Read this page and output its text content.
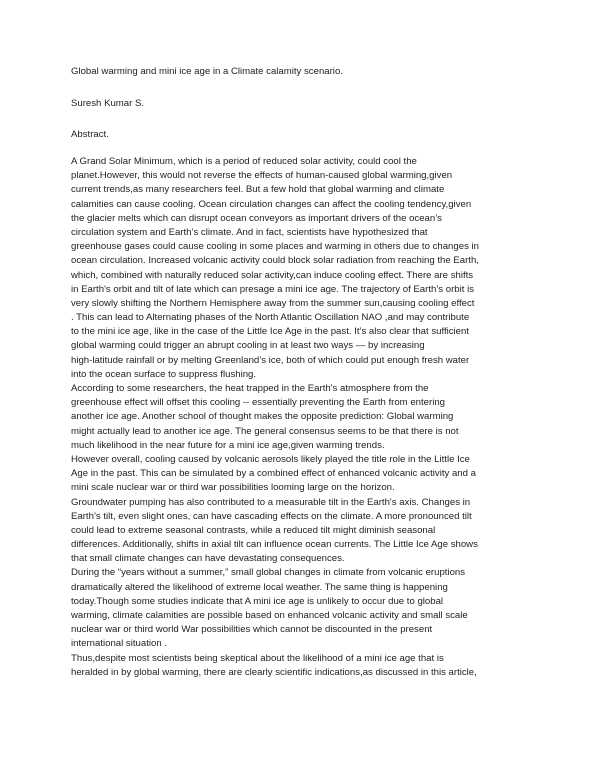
Global warming and mini ice age in a Climate calamity scenario.
Suresh Kumar S.
Abstract.
A Grand Solar Minimum, which is a period of reduced solar activity, could cool the
planet.However, this would not reverse the effects of human-caused global warming,given
current trends,as many researchers feel. But a few hold that global warming and climate
calamities can cause cooling. Ocean circulation changes can affect the cooling tendency,given
the glacier melts which can disrupt ocean conveyors as important drivers of the ocean’s
circulation system and Earth’s climate. And in fact, scientists have hypothesized that
greenhouse gases could cause cooling in some places and warming in others due to changes in
ocean circulation. Increased volcanic activity could block solar radiation from reaching the Earth,
which, combined with naturally reduced solar activity,can induce cooling effect. There are shifts
in Earth's orbit and tilt of late which can presage a mini ice age. The trajectory of Earth’s orbit is
very slowly shifting the Northern Hemisphere away from the summer sun,causing cooling effect
. This can lead to Alternating phases of the North Atlantic Oscillation NAO ,and may contribute
to the mini ice age, like in the case of the Little Ice Age in the past. It’s also clear that sufficient
global warming could trigger an abrupt cooling in at least two ways — by increasing
high-latitude rainfall or by melting Greenland’s ice, both of which could put enough fresh water
into the ocean surface to suppress flushing.
According to some researchers, the heat trapped in the Earth's atmosphere from the
greenhouse effect will offset this cooling -- essentially preventing the Earth from entering
another ice age. Another school of thought makes the opposite prediction: Global warming
might actually lead to another ice age. The general consensus seems to be that there is not
much likelihood in the near future for a mini ice age,given warming trends.
However overall, cooling caused by volcanic aerosols likely played the title role in the Little Ice
Age in the past. This can be simulated by a combined effect of enhanced volcanic activity and a
mini scale nuclear war or third war possibilities looming large on the horizon.
Groundwater pumping has also contributed to a measurable tilt in the Earth's axis. Changes in
Earth’s tilt, even slight ones, can have cascading effects on the climate. A more pronounced tilt
could lead to extreme seasonal contrasts, while a reduced tilt might diminish seasonal
differences. Additionally, shifts in axial tilt can influence ocean currents. The Little Ice Age shows
that small climate changes can have devastating consequences.
During the “years without a summer,” small global changes in climate from volcanic eruptions
dramatically altered the likelihood of extreme local weather. The same thing is happening
today.Though some studies indicate that A mini ice age is unlikely to occur due to global
warming, climate calamities are possible based on enhanced volcanic activity and small scale
nuclear war or third world War possibilities which cannot be discounted in the present
international situation .
Thus,despite most scientists being skeptical about the likelihood of a mini ice age that is
heralded in by global warming, there are clearly scientific indications,as discussed in this article,
